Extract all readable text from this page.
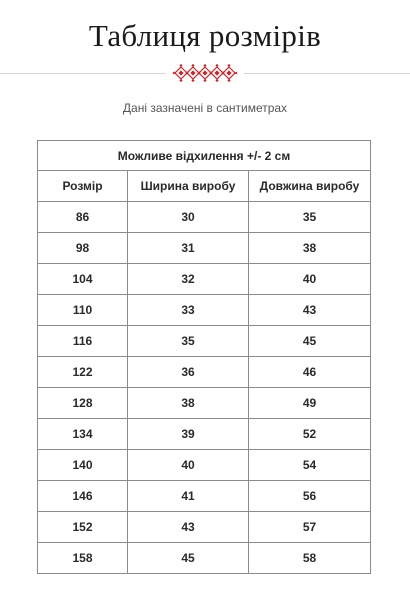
Таблиця розмірів
Дані зазначені в сантиметрах
Можливе відхилення +/- 2 см		
Розмір	Ширина виробу	Довжина виробу
86	30	35
98	31	38
104	32	40
110	33	43
116	35	45
122	36	46
128	38	49
134	39	52
140	40	54
146	41	56
152	43	57
158	45	58
